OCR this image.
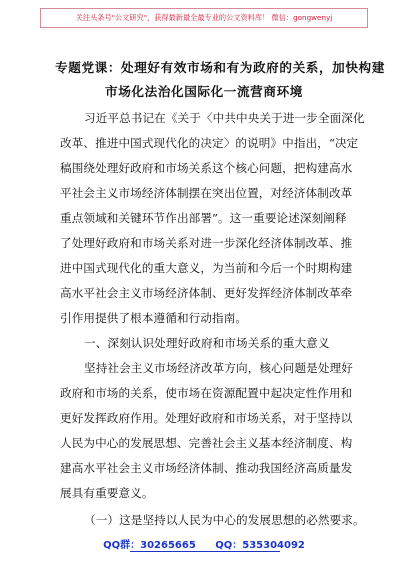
关注头条号"公文研究"，获得最新最全最专业的公文资料库！ 微信：gongwenyj
专题党课：处理好有效市场和有为政府的关系，加快构建
市场化法治化国际化一流营商环境
习近平总书记在《关于〈中共中央关于进一步全面深化
改革、推进中国式现代化的决定〉的说明》中指出，“决定
稿围绕处理好政府和市场关系这个核心问题，把构建高水
平社会主义市场经济体制摆在突出位置，对经济体制改革
重点领域和关键环节作出部署”。这一重要论述深刻阐释
了处理好政府和市场关系对进一步深化经济体制改革、推
进中国式现代化的重大意义，为当前和今后一个时期构建
高水平社会主义市场经济体制、更好发挥经济体制改革牵
引作用提供了根本遵循和行动指南。
一、深刻认识处理好政府和市场关系的重大意义
坚持社会主义市场经济改革方向，核心问题是处理好
政府和市场的关系，使市场在资源配置中起决定性作用和
更好发挥政府作用。处理好政府和市场关系，对于坚持以
人民为中心的发展思想、完善社会主义基本经济制度、构
建高水平社会主义市场经济体制、推动我国经济高质量发
展具有重要意义。
（一）这是坚持以人民为中心的发展思想的必然要求。
QQ群：30265665 QQ：535304092
